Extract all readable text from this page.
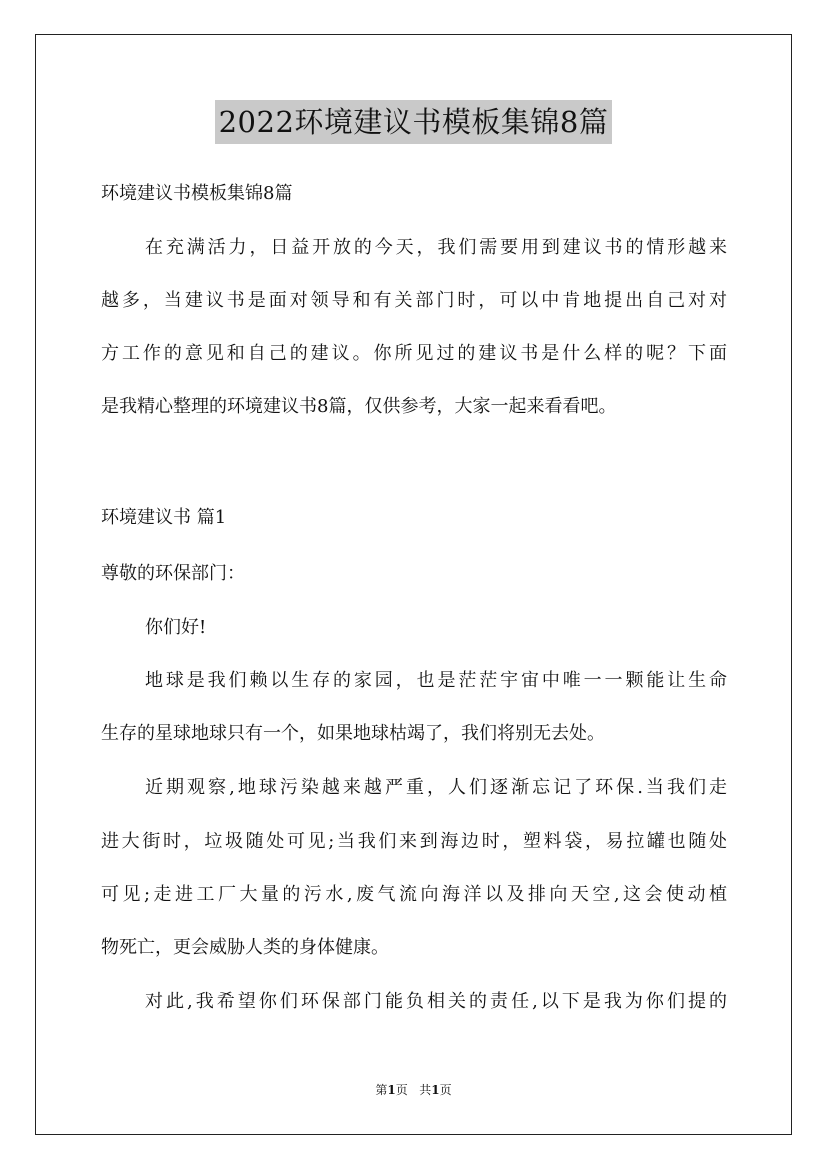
2022环境建议书模板集锦8篇
环境建议书模板集锦8篇
在充满活力，日益开放的今天，我们需要用到建议书的情形越来
越多，当建议书是面对领导和有关部门时，可以中肯地提出自己对对
方工作的意见和自己的建议。你所见过的建议书是什么样的呢？下面
是我精心整理的环境建议书8篇，仅供参考，大家一起来看看吧。
环境建议书 篇1
尊敬的环保部门：
你们好!
地球是我们赖以生存的家园，也是茫茫宇宙中唯一一颗能让生命
生存的星球地球只有一个，如果地球枯竭了，我们将别无去处。
近期观察,地球污染越来越严重，人们逐渐忘记了环保.当我们走
进大街时，垃圾随处可见;当我们来到海边时，塑料袋，易拉罐也随处
可见;走进工厂大量的污水,废气流向海洋以及排向天空,这会使动植
物死亡，更会威胁人类的身体健康。
对此,我希望你们环保部门能负相关的责任,以下是我为你们提的
第1页 共1页
